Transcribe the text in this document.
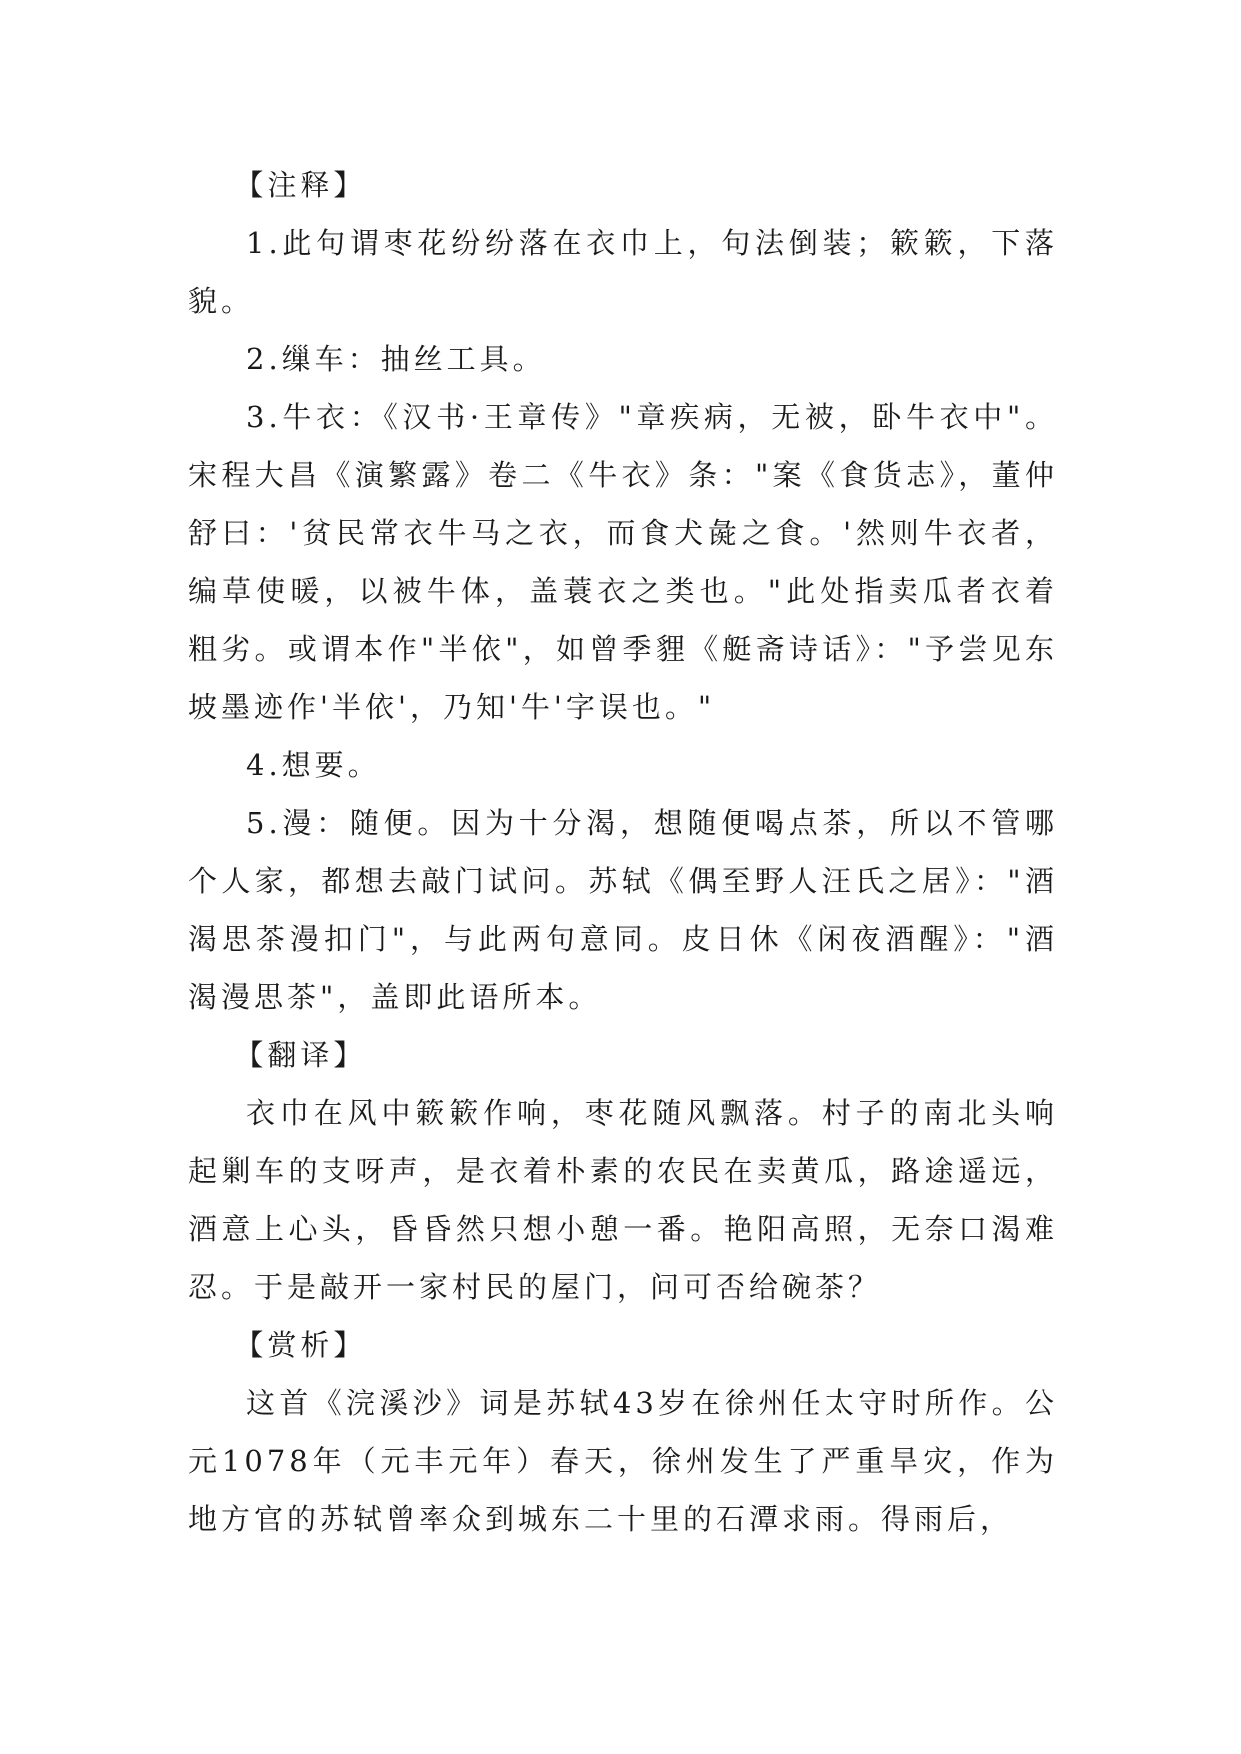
【注释】

1.此句谓枣花纷纷落在衣巾上，句法倒装；簌簌，下落貌。

2.缫车：抽丝工具。

3.牛衣：《汉书·王章传》"章疾病，无被，卧牛衣中"。宋程大昌《演繁露》卷二《牛衣》条："案《食货志》，董仲舒曰：'贫民常衣牛马之衣，而食犬彘之食。'然则牛衣者，编草使暖，以被牛体，盖蓑衣之类也。"此处指卖瓜者衣着粗劣。或谓本作"半依"，如曾季貍《艇斋诗话》："予尝见东坡墨迹作'半依'，乃知'牛'字误也。"

4.想要。

5.漫：随便。因为十分渴，想随便喝点茶，所以不管哪个人家，都想去敲门试问。苏轼《偶至野人汪氏之居》："酒渴思茶漫扣门"，与此两句意同。皮日休《闲夜酒醒》："酒渴漫思茶"，盖即此语所本。

【翻译】

衣巾在风中簌簌作响，枣花随风飘落。村子的南北头响起剿车的支呀声，是衣着朴素的农民在卖黄瓜，路途遥远，酒意上心头，昏昏然只想小憩一番。艳阳高照，无奈口渴难忍。于是敲开一家村民的屋门，问可否给碗茶？

【赏析】

这首《浣溪沙》词是苏轼43岁在徐州任太守时所作。公元1078年（元丰元年）春天，徐州发生了严重旱灾，作为地方官的苏轼曾率众到城东二十里的石潭求雨。得雨后，
